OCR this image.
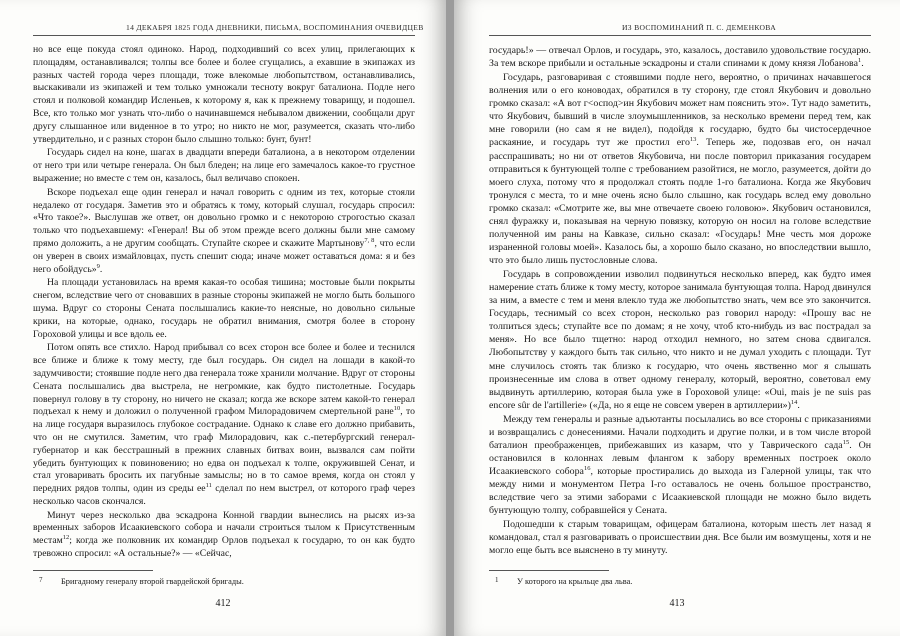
14 ДЕКАБРЯ 1825 ГОДА ДНЕВНИКИ, ПИСЬМА, ВОСПОМИНАНИЯ ОЧЕВИДЦЕВ

но все еще покуда стоял одиноко. Народ, подходивший со всех улиц, прилегающих к площадям, останавливался; толпы все более и более сгущались, а ехавшие в экипажах из разных частей города через площади, тоже влекомые любопытством, останавливались, выскакивали из экипажей и тем только умножали тесноту вокруг баталиона. Подле него стоял и полковой командир Исленьев, к которому я, как к прежнему товарищу, и подошел. Все, кто только мог узнать что-либо о начинавшемся небывалом движении, сообщали друг другу слышанное или виденное в то утро; но никто не мог, разумеется, сказать что-либо утвердительно, и с разных сторон было слышно только: бунт, бунт!

Государь сидел на коне, шагах в двадцати впереди баталиона, а в некотором отделении от него три или четыре генерала. Он был бледен; на лице его замечалось какое-то грустное выражение; но вместе с тем он, казалось, был величаво спокоен.

Вскоре подъехал еще один генерал и начал говорить с одним из тех, которые стояли недалеко от государя. Заметив это и обратясь к тому, который слушал, государь спросил: «Что такое?». Выслушав же ответ, он довольно громко и с некоторою строгостью сказал только что подъехавшему: «Генерал! Вы об этом прежде всего должны были мне самому прямо доложить, а не другим сообщать. Ступайте скорее и скажите Мартынову$^{7, 8}$, что если он уверен в своих измайловцах, пусть спешит сюда; иначе может оставаться дома: я и без него обойдусь»$^9$.

На площади установилась на время какая-то особая тишина; мостовые были покрыты снегом, вследствие чего от сновавших в разные стороны экипажей не могло быть большого шума. Вдруг со стороны Сената послышались какие-то неясные, но довольно сильные крики, на которые, однако, государь не обратил внимания, смотря более в сторону Гороховой улицы и все вдоль ее.

Потом опять все стихло. Народ прибывал со всех сторон все более и более и теснился все ближе и ближе к тому месту, где был государь. Он сидел на лошади в какой-то задумчивости; стоявшие подле него два генерала тоже хранили молчание. Вдруг от стороны Сената послышались два выстрела, не негромкие, как будто пистолетные. Государь повернул голову в ту сторону, но ничего не сказал; когда же вскоре затем какой-то генерал подъехал к нему и доложил о полученной графом Милорадовичем смертельной ране$^{10}$, то на лице государя выразилось глубокое сострадание. Однако к славе его должно прибавить, что он не смутился. Заметим, что граф Милорадович, как с.-петербургский генерал-губернатор и как бесстрашный в прежних славных битвах воин, вызвался сам пойти убедить бунтующих к повиновению; но едва он подъехал к толпе, окружившей Сенат, и стал уговаривать бросить их пагубные замыслы; но в то самое время, когда он стоял у передних рядов толпы, один из среды $ее^{11}$ сделал по нем выстрел, от которого граф через несколько часов скончался.

Минут через несколько два эскадрона Конной гвардии вынеслись на рысях из-за временных заборов Исаакиевского собора и начали строиться тылом к Присутственным местам$^{12}$; когда же полковник их командир Орлов подъехал к государю, то он как будто тревожно спросил: «А остальные?» — «Сейчас,

7 Бригадному генералу второй гвардейской бригады.
412
ИЗ ВОСПОМИНАНИЙ П. С. ДЕМЕНКОВА

государь!» — отвечал Орлов, и государь, это, казалось, доставило удовольствие государю. За тем вскоре прибыли и остальные эскадроны и стали спинами к дому князя Лобанова$^1$.

Государь, разговаривая с стоявшими подле него, вероятно, о причинах начавшегося волнения или о его коноводах, обратился в ту сторону, где стоял Якубович и довольно громко сказал: «А вот г<оспод>ин Якубович может нам пояснить это». Тут надо заметить, что Якубович, бывший в числе злоумышленников, за несколько времени перед тем, как мне говорили (но сам я не видел), подойдя к государю, будто бы чистосердечное раскаяние, и государь тут же простил его$^{13}$. Теперь же, подозвав его, он начал расспрашивать; но ни от ответов Якубовича, ни после повторил приказания государем отправиться к бунтующей толпе с требованием разойтися, не могло, разумеется, дойти до моего слуха, потому что я продолжал стоять подле 1-го баталиона. Когда же Якубович тронулся с места, то и мне очень ясно было слышно, как государь вслед ему довольно громко сказал: «Смотрите же, вы мне отвечаете своею головою». Якубович остановился, снял фуражку и, показывая на черную повязку, которую он носил на голове вследствие полученной им раны на Кавказе, сильно сказал: «Государь! Мне честь моя дороже израненной головы моей». Казалось бы, а хорошо было сказано, но впоследствии вышло, что это было лишь пустословные слова.

Государь в сопровождении изволил подвинуться несколько вперед, как будто имея намерение стать ближе к тому месту, которое занимала бунтующая толпа. Народ двинулся за ним, а вместе с тем и меня влекло туда же любопытство знать, чем все это закончится. Государь, теснимый со всех сторон, несколько раз говорил народу: «Прошу вас не толпиться здесь; ступайте все по домам; я не хочу, чтоб кто-нибудь из вас пострадал за меня». Но все было тщетно: народ отходил немного, но затем снова сдвигался. Любопытству у каждого быть так сильно, что никто и не думал уходить с площади. Тут мне случилось стоять так близко к государю, что очень явственно мог я слышать произнесенные им слова в ответ одному генералу, который, вероятно, советовал ему выдвинуть артиллерию, которая была уже в Гороховой улице: «Oui, mais je ne suis pas encore sûr de l'artillerie» («Да, но я еще не совсем уверен в артиллерии»)$^{14}$.

Между тем генералы и разные адъютанты посылались во все стороны с приказаниями и возвращались с донесениями. Начали подходить и другие полки, и в том числе второй баталион преображенцев, прибежавших из казарм, что у Таврического сада$^{15}$. Он остановился в колоннах левым флангом к забору временных построек около Исаакиевского собора$^{16}$, которые простирались до выхода из Галерной улицы, так что между ними и монументом Петра I-го оставалось не очень большое пространство, вследствие чего за этими заборами с Исаакиевской площади не можно было видеть бунтующую толпу, собравшейся у Сената.

Подошедши к старым товарищам, офицерам баталиона, которым шесть лет назад я командовал, стал я разговаривать о происшествии дня. Все были им возмущены, хотя и не могло еще быть все выяснено в ту минуту.

1 У которого на крыльце два льва.
413
